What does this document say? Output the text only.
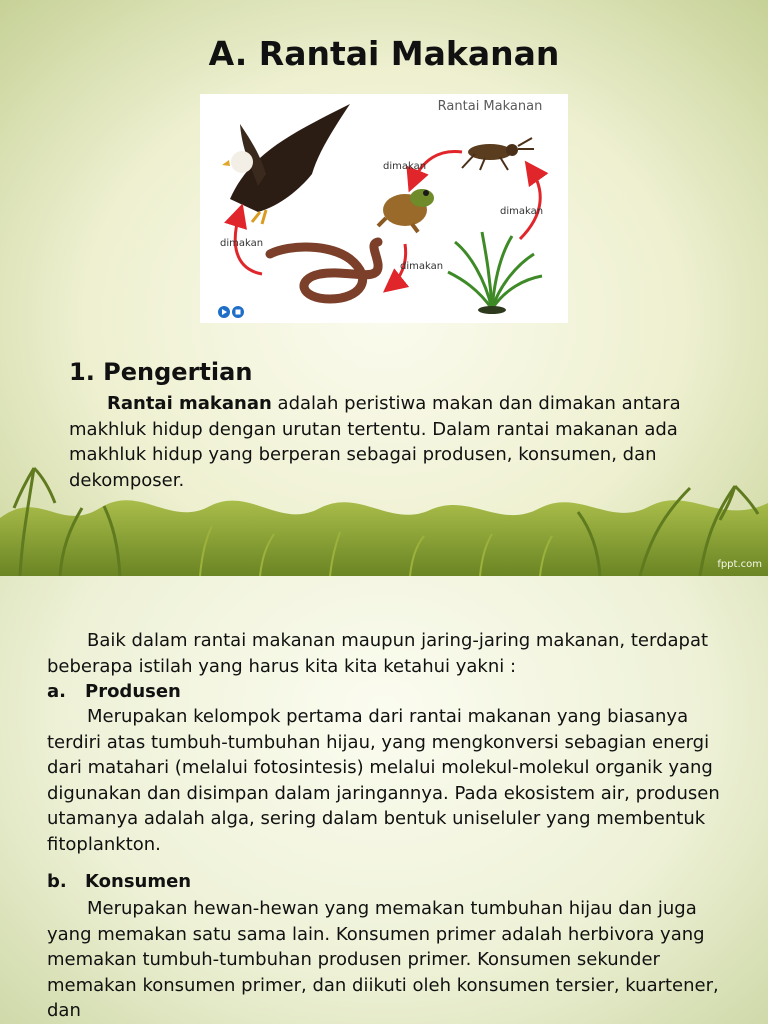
A. Rantai Makanan
Rantai Makanan
dimakan
dimakan
dimakan
dimakan
1. Pengertian

Rantai makanan adalah peristiwa makan dan dimakan antara makhluk hidup dengan urutan tertentu. Dalam rantai makanan ada makhluk hidup yang berperan sebagai produsen, konsumen, dan dekomposer.

fppt.com

Baik dalam rantai makanan maupun jaring-jaring makanan, terdapat beberapa istilah yang harus kita kita ketahui yakni :

a. Produsen

Merupakan kelompok pertama dari rantai makanan yang biasanya terdiri atas tumbuh-tumbuhan hijau, yang mengkonversi sebagian energi dari matahari (melalui fotosintesis) melalui molekul-molekul organik yang digunakan dan disimpan dalam jaringannya. Pada ekosistem air, produsen utamanya adalah alga, sering dalam bentuk uniseluler yang membentuk fitoplankton.

b. Konsumen

Merupakan hewan-hewan yang memakan tumbuhan hijau dan juga yang memakan satu sama lain. Konsumen primer adalah herbivora yang memakan tumbuh-tumbuhan produsen primer. Konsumen sekunder memakan konsumen primer, dan diikuti oleh konsumen tersier, kuartener, dan
